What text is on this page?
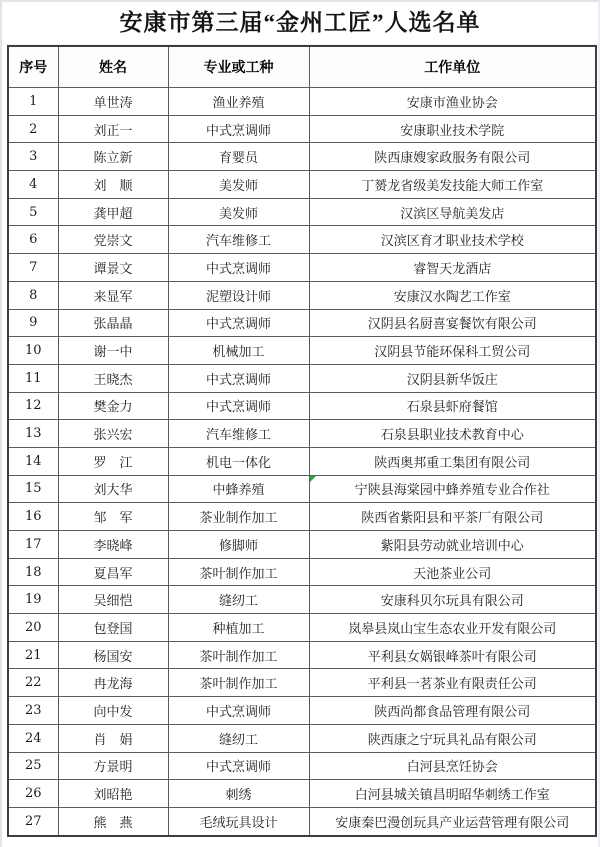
安康市第三届“金州工匠”人选名单
序号	姓名	专业或工种	工作单位
1	单世涛	渔业养殖	安康市渔业协会
2	刘正一	中式烹调师	安康职业技术学院
3	陈立新	育婴员	陕西康嫂家政服务有限公司
4	刘　顺	美发师	丁赟龙省级美发技能大师工作室
5	龚甲超	美发师	汉滨区导航美发店
6	党崇文	汽车维修工	汉滨区育才职业技术学校
7	谭景文	中式烹调师	睿智天龙酒店
8	来显军	泥塑设计师	安康汉水陶艺工作室
9	张晶晶	中式烹调师	汉阴县名厨喜宴餐饮有限公司
10	谢一中	机械加工	汉阴县节能环保科工贸公司
11	王晓杰	中式烹调师	汉阴县新华饭庄
12	樊金力	中式烹调师	石泉县虾府餐馆
13	张兴宏	汽车维修工	石泉县职业技术教育中心
14	罗　江	机电一体化	陕西奥邦重工集团有限公司
15	刘大华	中蜂养殖	宁陕县海棠园中蜂养殖专业合作社

16	邹　军	茶业制作加工	陕西省紫阳县和平茶厂有限公司
17	李晓峰	修脚师	紫阳县劳动就业培训中心
18	夏昌军	茶叶制作加工	天池茶业公司
19	吴细恺	缝纫工	安康科贝尔玩具有限公司
20	包登国	种植加工	岚皋县岚山宝生态农业开发有限公司
21	杨国安	茶叶制作加工	平利县女娲银峰茶叶有限公司
22	冉龙海	茶叶制作加工	平利县一茗茶业有限责任公司
23	向中发	中式烹调师	陕西尚都食品管理有限公司
24	肖　娟	缝纫工	陕西康之宁玩具礼品有限公司
25	方景明	中式烹调师	白河县烹饪协会
26	刘昭艳	刺绣	白河县城关镇昌明昭华刺绣工作室
27	熊　燕	毛绒玩具设计	安康秦巴漫创玩具产业运营管理有限公司
